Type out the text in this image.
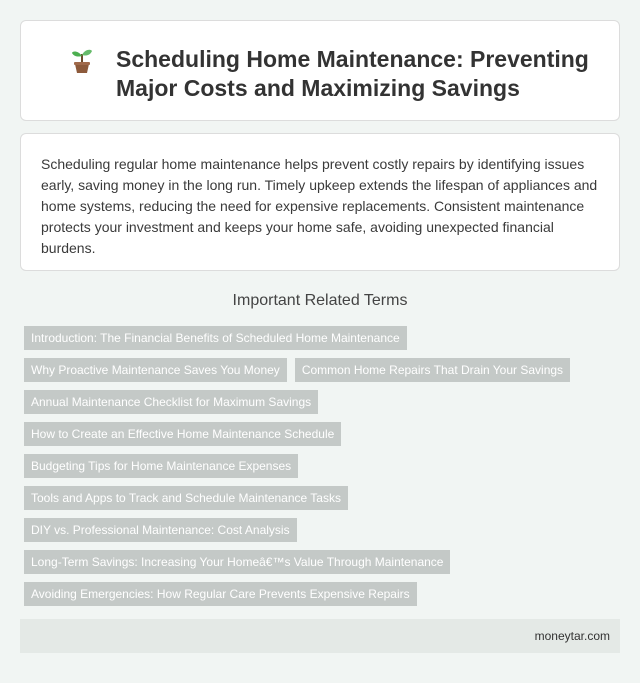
Scheduling Home Maintenance: Preventing Major Costs and Maximizing Savings

Scheduling regular home maintenance helps prevent costly repairs by identifying issues early, saving money in the long run. Timely upkeep extends the lifespan of appliances and home systems, reducing the need for expensive replacements. Consistent maintenance protects your investment and keeps your home safe, avoiding unexpected financial burdens.

Important Related Terms
Introduction: The Financial Benefits of Scheduled Home Maintenance
Why Proactive Maintenance Saves You Money	Common Home Repairs That Drain Your Savings
Annual Maintenance Checklist for Maximum Savings
How to Create an Effective Home Maintenance Schedule
Budgeting Tips for Home Maintenance Expenses
Tools and Apps to Track and Schedule Maintenance Tasks
DIY vs. Professional Maintenance: Cost Analysis
Long-Term Savings: Increasing Your Homeâ€™s Value Through Maintenance
Avoiding Emergencies: How Regular Care Prevents Expensive Repairs
moneytar.com
